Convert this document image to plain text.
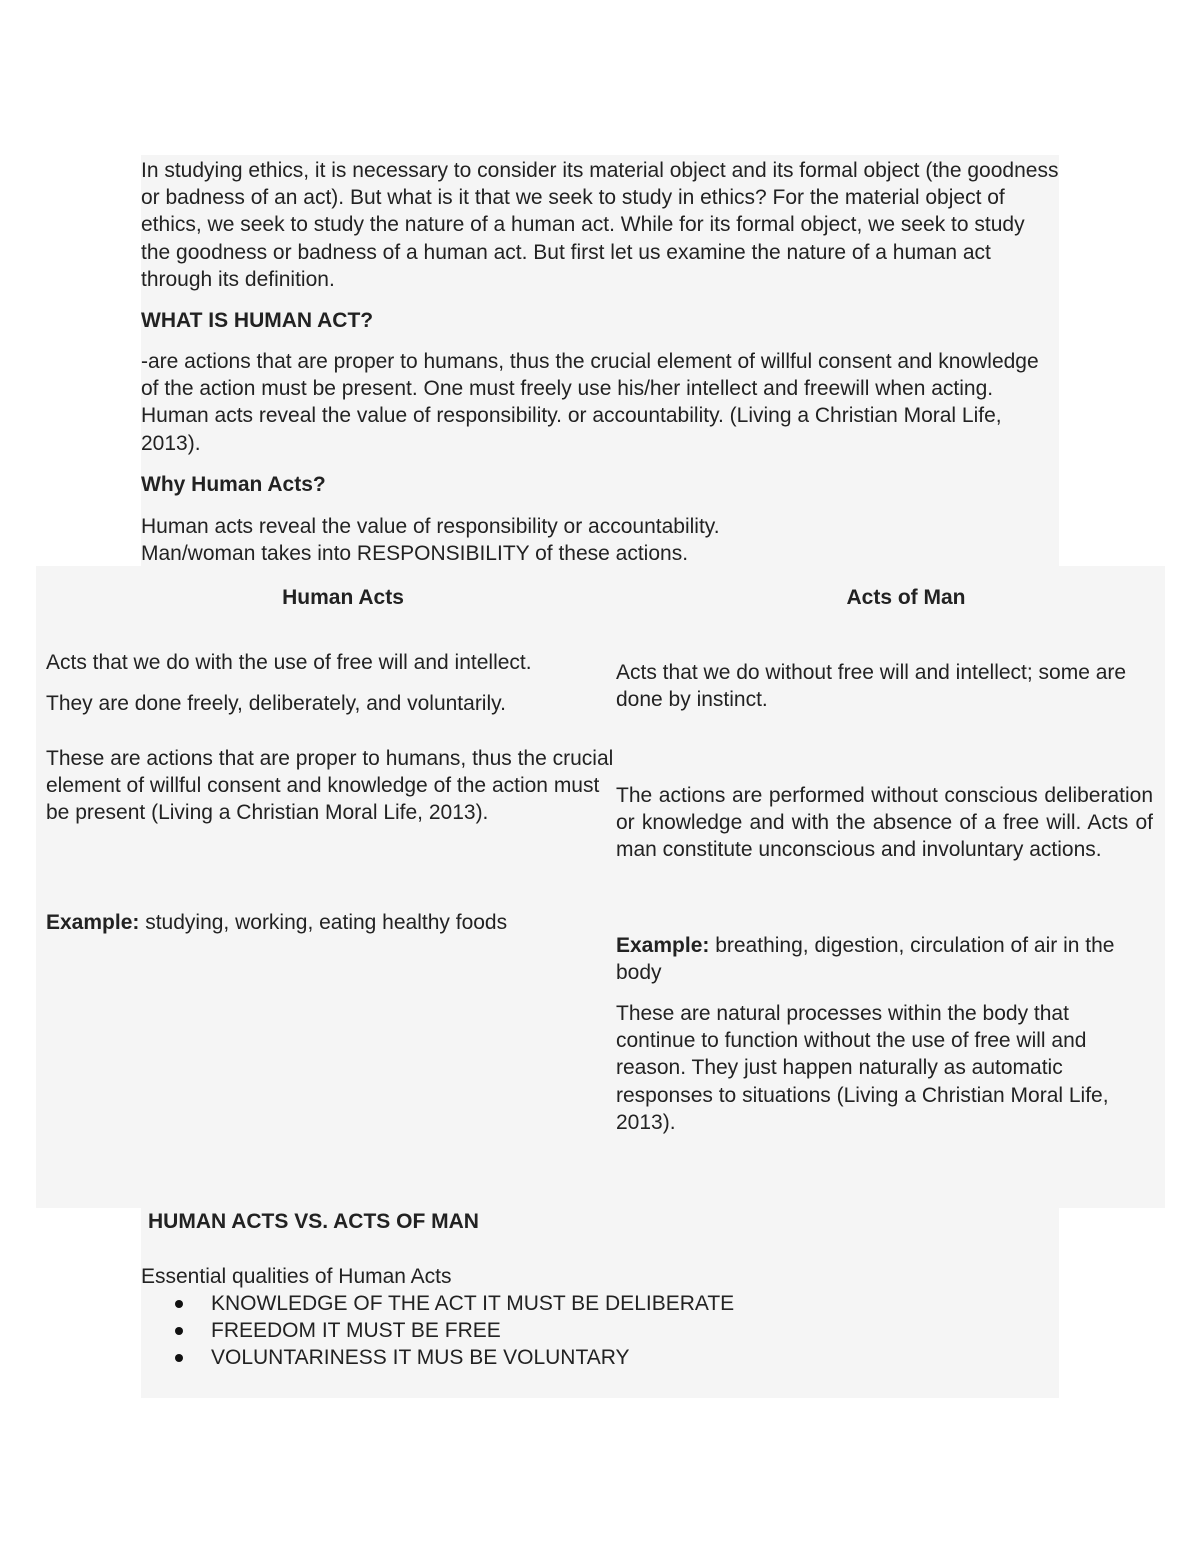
In studying ethics, it is necessary to consider its material object and its formal object (the goodness or badness of an act). But what is it that we seek to study in ethics? For the material object of ethics, we seek to study the nature of a human act. While for its formal object, we seek to study the goodness or badness of a human act. But first let us examine the nature of a human act through its definition.

WHAT IS HUMAN ACT?

-are actions that are proper to humans, thus the crucial element of willful consent and knowledge of the action must be present. One must freely use his/her intellect and freewill when acting. Human acts reveal the value of responsibility. or accountability. (Living a Christian Moral Life, 2013).

Why Human Acts?

Human acts reveal the value of responsibility or accountability.
Man/woman takes into RESPONSIBILITY of these actions.

Human Acts	Acts of Man

Acts that we do with the use of free will and intellect.

They are done freely, deliberately, and voluntarily.

These are actions that are proper to humans, thus the crucial element of willful consent and knowledge of the action must be present (Living a Christian Moral Life, 2013).

Example: studying, working, eating healthy foods

Acts that we do without free will and intellect; some are done by instinct.

The actions are performed without conscious deliberation or knowledge and with the absence of a free will. Acts of man constitute unconscious and involuntary actions.

Example: breathing, digestion, circulation of air in the body

These are natural processes within the body that continue to function without the use of free will and reason. They just happen naturally as automatic responses to situations (Living a Christian Moral Life, 2013).

HUMAN ACTS VS. ACTS OF MAN

Essential qualities of Human Acts

KNOWLEDGE OF THE ACT IT MUST BE DELIBERATE
FREEDOM IT MUST BE FREE
VOLUNTARINESS IT MUS BE VOLUNTARY
